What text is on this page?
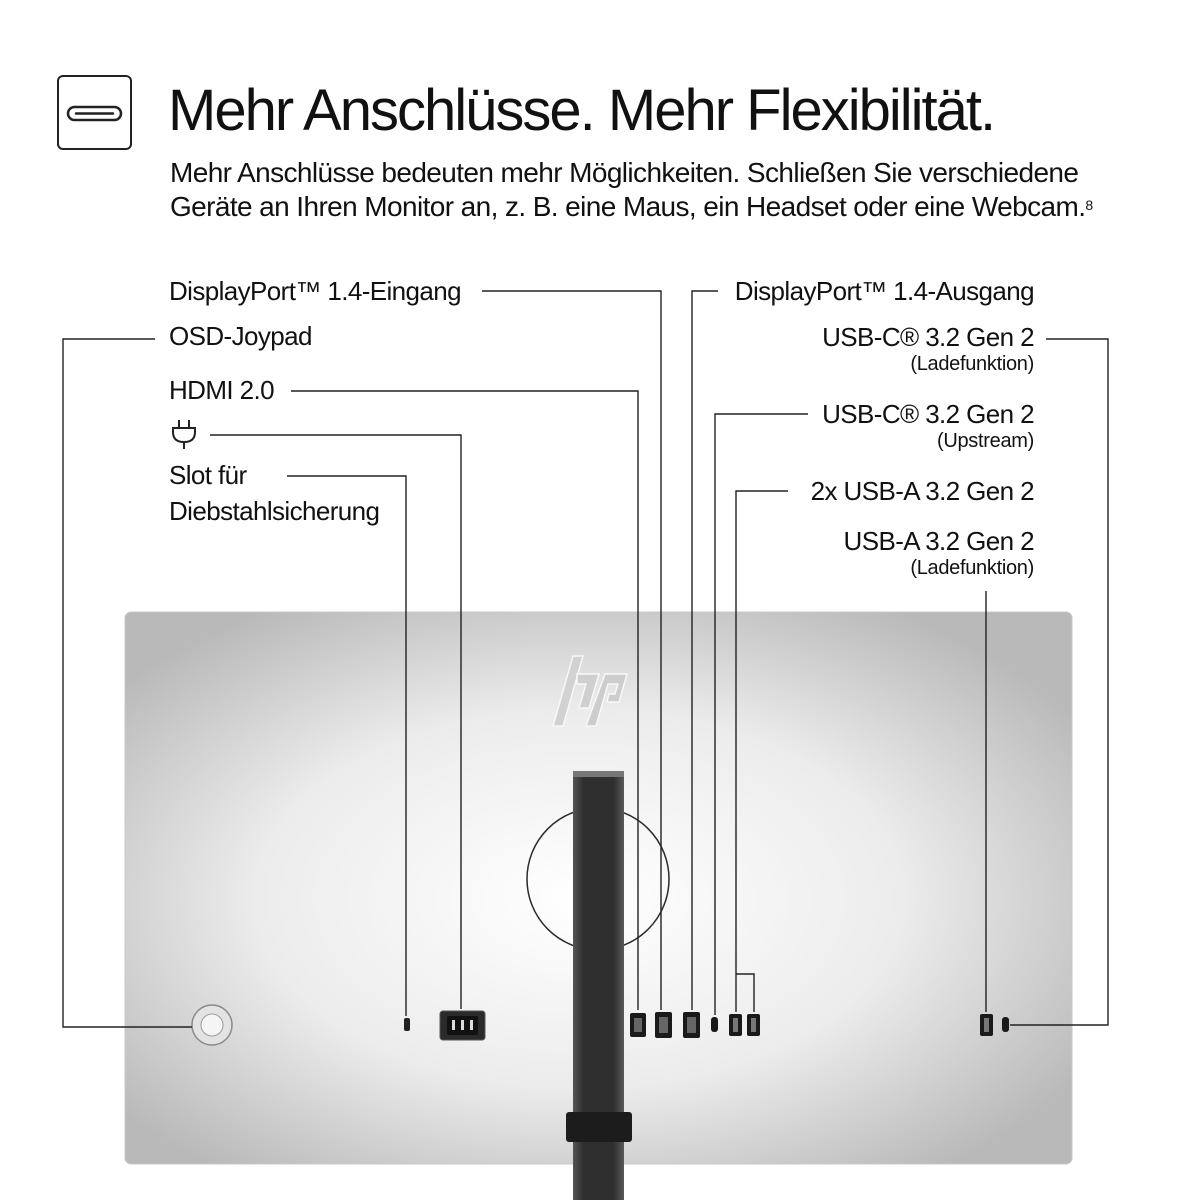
Mehr Anschlüsse. Mehr Flexibilität.
Mehr Anschlüsse bedeuten mehr Möglichkeiten. Schließen Sie verschiedene Geräte an Ihren Monitor an, z. B. eine Maus, ein Headset oder eine Webcam.$^8$
DisplayPort™ 1.4-Eingang
OSD-Joypad
HDMI 2.0
Slot für
Diebstahlsicherung
DisplayPort™ 1.4-Ausgang
USB-C® 3.2 Gen 2
(Ladefunktion)
USB-C® 3.2 Gen 2
(Upstream)
2x USB-A 3.2 Gen 2
USB-A 3.2 Gen 2
(Ladefunktion)
